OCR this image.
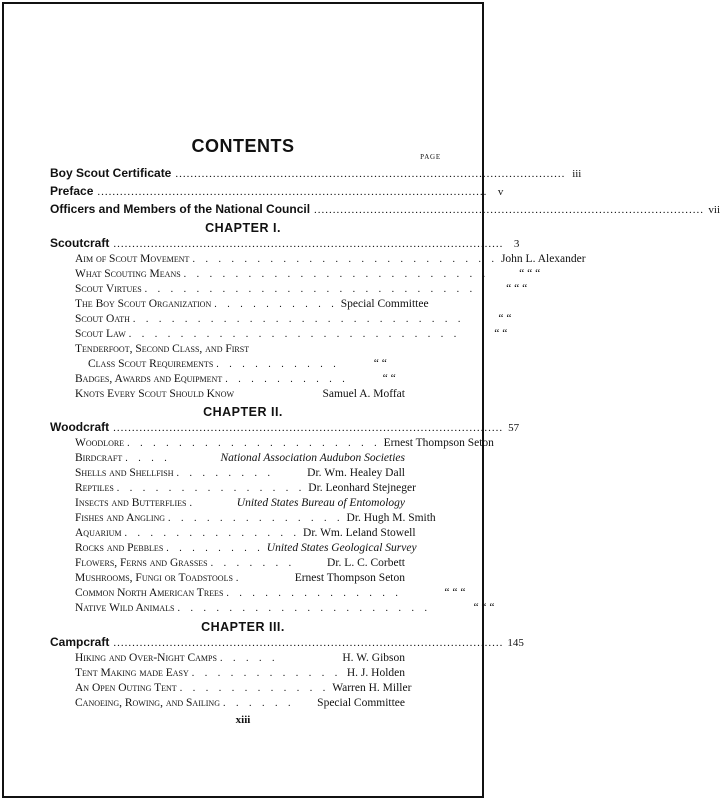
CONTENTS
PAGE
Boy Scout Certificate ........................................................................................................ iii
Preface ........................................................................................................ v
Officers and Members of the National Council ........................................................................................................ vii
CHAPTER I.
Scoutcraft ........................................................................................................ 3
Aim of Scout Movement . . . . . . . . . . . . . . . . . . . . . . . . John L. Alexander
What Scouting Means . . . . . . . . . . . . . . . . . . . . . . . .	“ “ “
Scout Virtues . . . . . . . . . . . . . . . . . . . . . . . . . .	“ “ “
The Boy Scout Organization . . . . . . . . . . Special Committee
Scout Oath . . . . . . . . . . . . . . . . . . . . . . . . . .	“ “
Scout Law . . . . . . . . . . . . . . . . . . . . . . . . . .	“ “
Tenderfoot, Second Class, and First
Class Scout Requirements . . . . . . . . . .	“ “
Badges, Awards and Equipment . . . . . . . . . .	“ “
Knots Every Scout Should Know	Samuel A. Moffat
CHAPTER II.
Woodcraft ........................................................................................................ 57
Woodlore . . . . . . . . . . . . . . . . . . . . Ernest Thompson Seton
Birdcraft . . . .	National Association Audubon Societies
Shells and Shellfish . . . . . . . .	Dr. Wm. Healey Dall
Reptiles . . . . . . . . . . . . . . . Dr. Leonhard Stejneger
Insects and Butterflies .	United States Bureau of Entomology
Fishes and Angling . . . . . . . . . . . . . . Dr. Hugh M. Smith
Aquarium . . . . . . . . . . . . . . Dr. Wm. Leland Stowell
Rocks and Pebbles . . . . . . . . United States Geological Survey
Flowers, Ferns and Grasses . . . . . . .	Dr. L. C. Corbett
Mushrooms, Fungi or Toadstools .	Ernest Thompson Seton
Common North American Trees . . . . . . . . . . . . . .	“ “ “
Native Wild Animals . . . . . . . . . . . . . . . . . . . .	“ “ “
CHAPTER III.
Campcraft ........................................................................................................ 145
Hiking and Over-Night Camps . . . . .	H. W. Gibson
Tent Making made Easy . . . . . . . . . . . . H. J. Holden
An Open Outing Tent . . . . . . . . . . . . Warren H. Miller
Canoeing, Rowing, and Sailing . . . . . .	Special Committee
xiii
